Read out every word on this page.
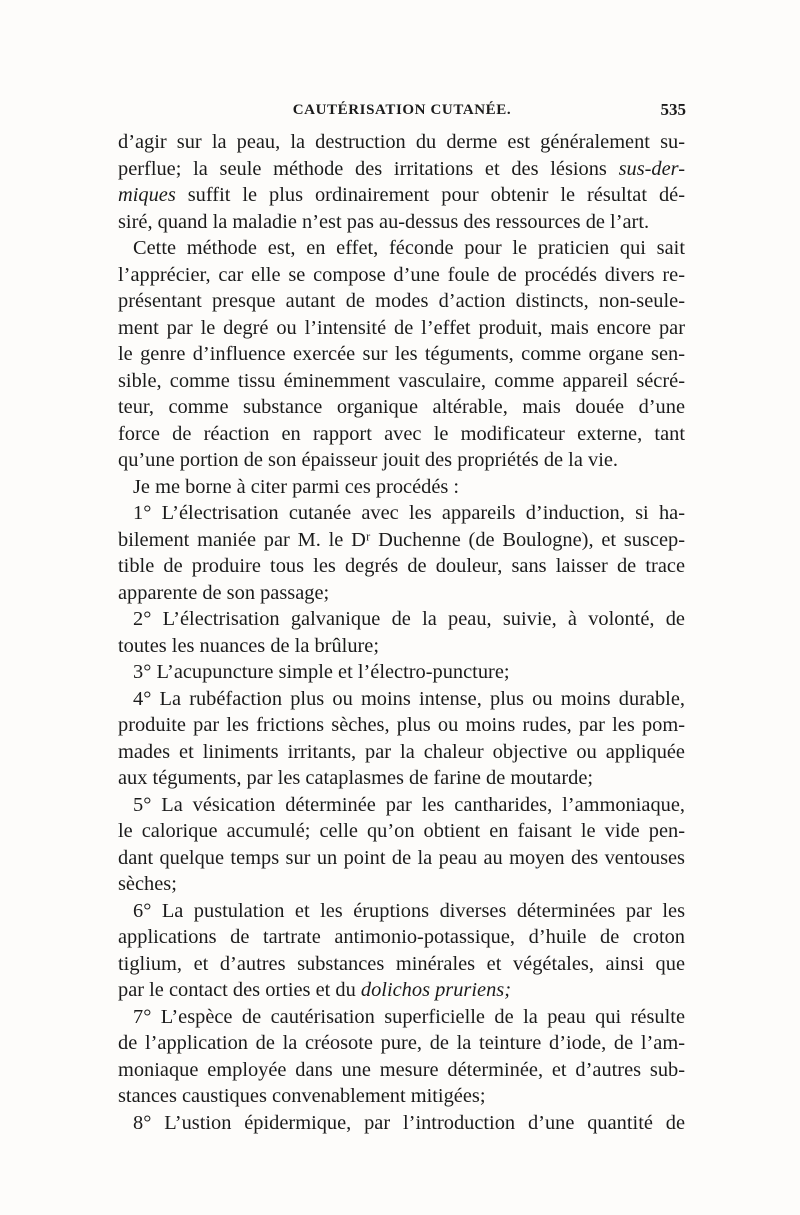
CAUTÉRISATION CUTANÉE.	535
d’agir sur la peau, la destruction du derme est généralement su-
perflue; la seule méthode des irritations et des lésions sus-der-
miques suffit le plus ordinairement pour obtenir le résultat dé-
siré, quand la maladie n’est pas au-dessus des ressources de l’art.
Cette méthode est, en effet, féconde pour le praticien qui sait
l’apprécier, car elle se compose d’une foule de procédés divers re-
présentant presque autant de modes d’action distincts, non-seule-
ment par le degré ou l’intensité de l’effet produit, mais encore par
le genre d’influence exercée sur les téguments, comme organe sen-
sible, comme tissu éminemment vasculaire, comme appareil sécré-
teur, comme substance organique altérable, mais douée d’une
force de réaction en rapport avec le modificateur externe, tant
qu’une portion de son épaisseur jouit des propriétés de la vie.
Je me borne à citer parmi ces procédés :
1° L’électrisation cutanée avec les appareils d’induction, si ha-
bilement maniée par M. le Dʳ Duchenne (de Boulogne), et suscep-
tible de produire tous les degrés de douleur, sans laisser de trace
apparente de son passage;
2° L’électrisation galvanique de la peau, suivie, à volonté, de
toutes les nuances de la brûlure;
3° L’acupuncture simple et l’électro-puncture;
4° La rubéfaction plus ou moins intense, plus ou moins durable,
produite par les frictions sèches, plus ou moins rudes, par les pom-
mades et liniments irritants, par la chaleur objective ou appliquée
aux téguments, par les cataplasmes de farine de moutarde;
5° La vésication déterminée par les cantharides, l’ammoniaque,
le calorique accumulé; celle qu’on obtient en faisant le vide pen-
dant quelque temps sur un point de la peau au moyen des ventouses
sèches;
6° La pustulation et les éruptions diverses déterminées par les
applications de tartrate antimonio-potassique, d’huile de croton
tiglium, et d’autres substances minérales et végétales, ainsi que
par le contact des orties et du dolichos pruriens;
7° L’espèce de cautérisation superficielle de la peau qui résulte
de l’application de la créosote pure, de la teinture d’iode, de l’am-
moniaque employée dans une mesure déterminée, et d’autres sub-
stances caustiques convenablement mitigées;
8° L’ustion épidermique, par l’introduction d’une quantité de
